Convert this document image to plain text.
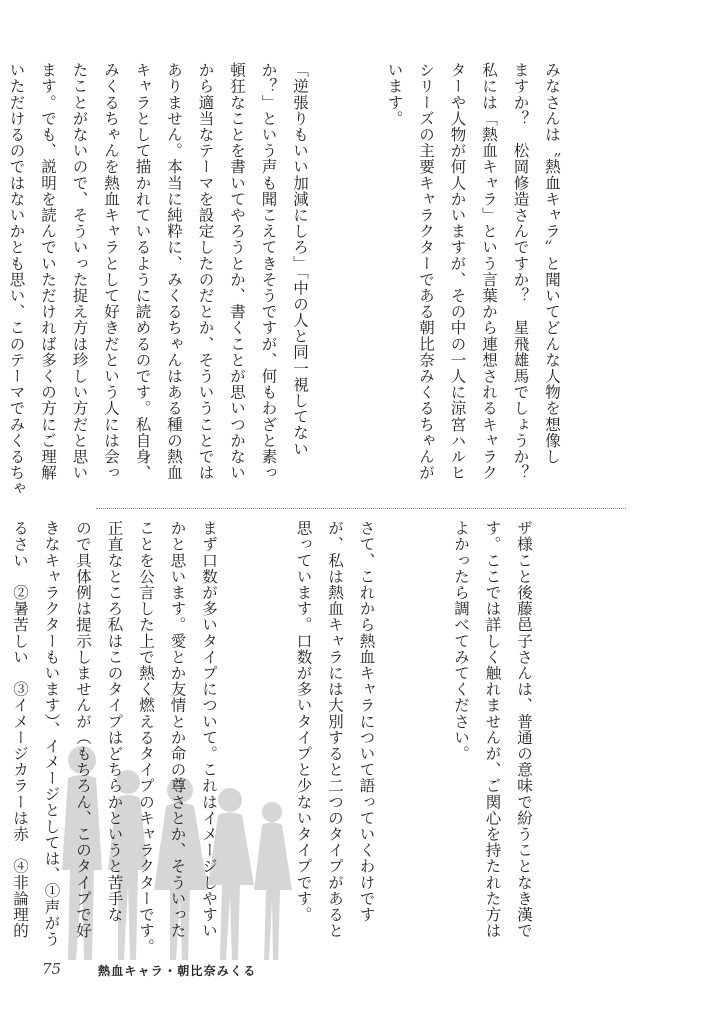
みなさんは〝熱血キャラ〟と聞いてどんな人物を想像し
ますか？　松岡修造さんですか？　星飛雄馬でしょうか？
私には「熱血キャラ」という言葉から連想されるキャラク
ターや人物が何人かいますが、その中の一人に涼宮ハルヒ
シリーズの主要キャラクターである朝比奈みくるちゃんが
います。

「逆張りもいい加減にしろ」「中の人と同一視してない
か？」という声も聞こえてきそうですが、何もわざと素っ
頓狂なことを書いてやろうとか、書くことが思いつかない
から適当なテーマを設定したのだとか、そういうことでは
ありません。本当に純粋に、みくるちゃんはある種の熱血
キャラとして描かれているように読めるのです。私自身、
みくるちゃんを熱血キャラとして好きだという人には会っ
たことがないので、そういった捉え方は珍しい方だと思い
ます。でも、説明を読んでいただければ多くの方にご理解
いただけるのではないかとも思い、このテーマでみくるちゃ

ザ様こと後藤邑子さんは、普通の意味で紛うことなき漢で
す。ここでは詳しく触れませんが、ご関心を持たれた方は
よかったら調べてみてください。

さて、これから熱血キャラについて語っていくわけです
が、私は熱血キャラには大別すると二つのタイプがあると
思っています。口数が多いタイプと少ないタイプです。

まず口数が多いタイプについて。これはイメージしやすい
かと思います。愛とか友情とか命の尊さとか、そういった
ことを公言した上で熱く燃えるタイプのキャラクターです。
正直なところ私はこのタイプはどちらかというと苦手な
ので具体例は提示しませんが（もちろん、このタイプで好
きなキャラクターもいます）、イメージとしては、①声がう
るさい　②暑苦しい　③イメージカラーは赤　④非論理的

75	熱血キャラ・朝比奈みくる
